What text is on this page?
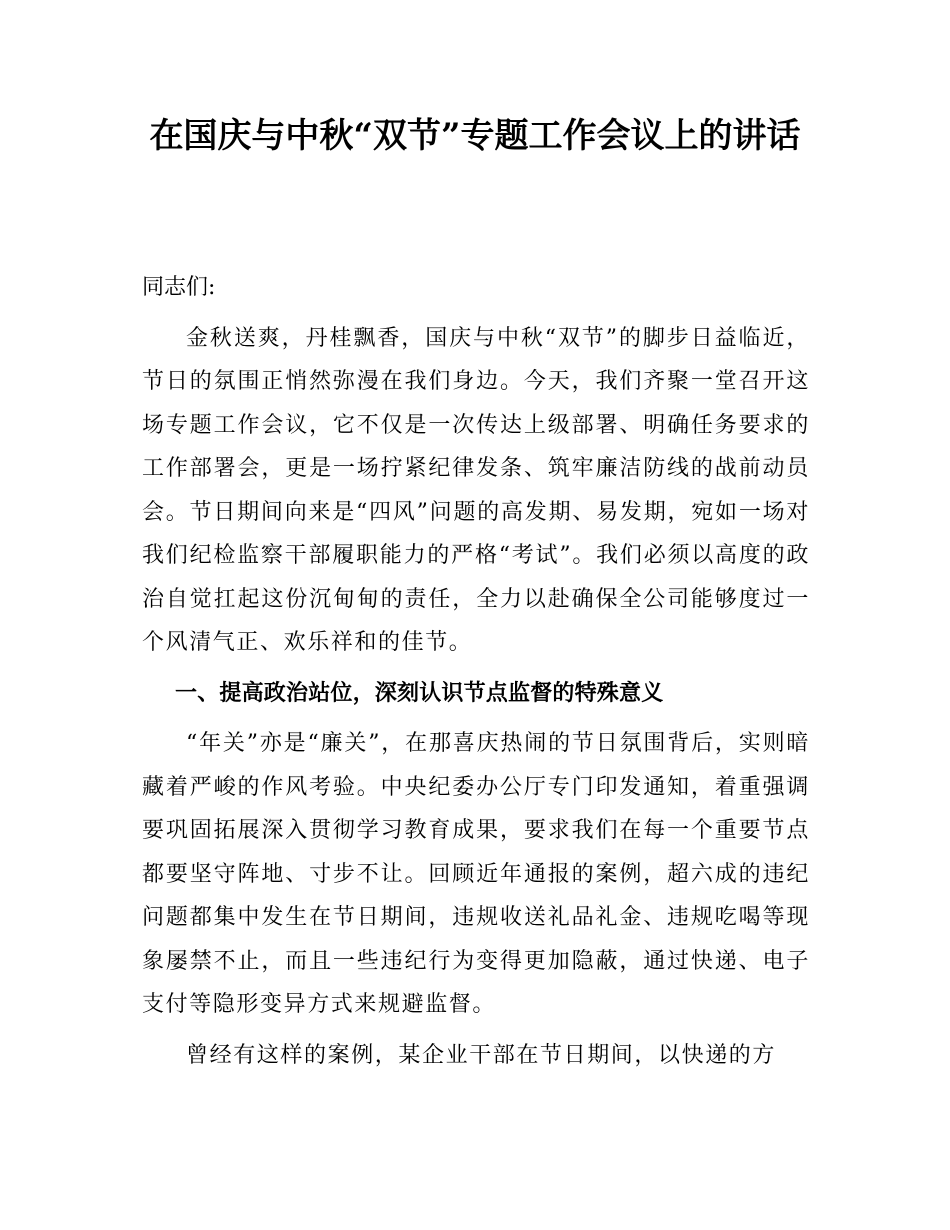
在国庆与中秋“双节”专题工作会议上的讲话

同志们:

金秋送爽，丹桂飘香，国庆与中秋“双节”的脚步日益临近，节日的氛围正悄然弥漫在我们身边。今天，我们齐聚一堂召开这场专题工作会议，它不仅是一次传达上级部署、明确任务要求的工作部署会，更是一场拧紧纪律发条、筑牢廉洁防线的战前动员会。节日期间向来是“四风”问题的高发期、易发期，宛如一场对我们纪检监察干部履职能力的严格“考试”。我们必须以高度的政治自觉扛起这份沉甸甸的责任，全力以赴确保全公司能够度过一个风清气正、欢乐祥和的佳节。

一、提高政治站位，深刻认识节点监督的特殊意义

“年关”亦是“廉关”，在那喜庆热闹的节日氛围背后，实则暗藏着严峻的作风考验。中央纪委办公厅专门印发通知，着重强调要巩固拓展深入贯彻学习教育成果，要求我们在每一个重要节点都要坚守阵地、寸步不让。回顾近年通报的案例，超六成的违纪问题都集中发生在节日期间，违规收送礼品礼金、违规吃喝等现象屡禁不止，而且一些违纪行为变得更加隐蔽，通过快递、电子支付等隐形变异方式来规避监督。

曾经有这样的案例，某企业干部在节日期间，以快递的方
